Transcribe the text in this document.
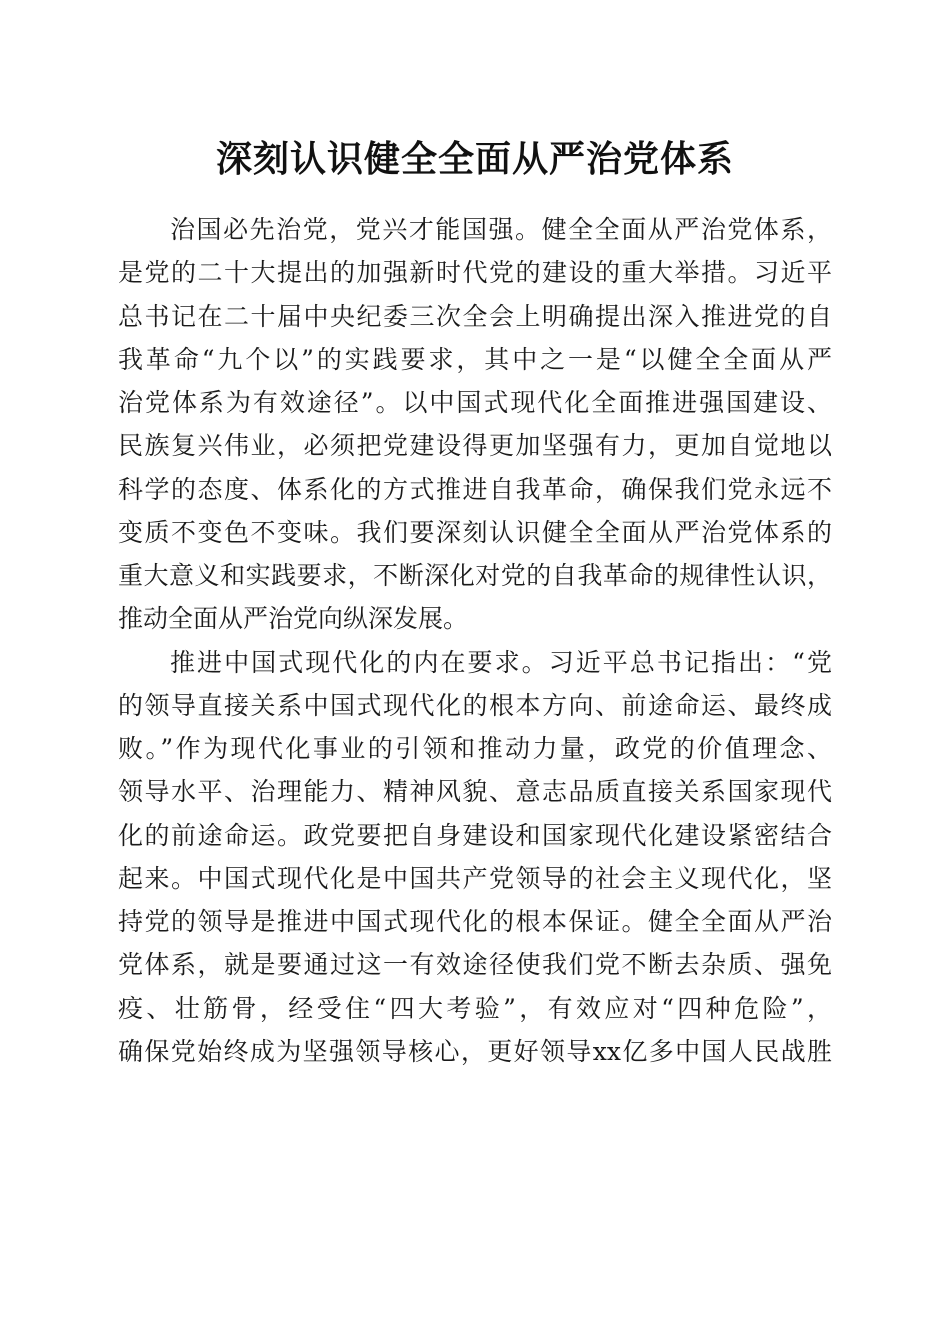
深刻认识健全全面从严治党体系
治国必先治党，党兴才能国强。健全全面从严治党体系，
是党的二十大提出的加强新时代党的建设的重大举措。习近平
总书记在二十届中央纪委三次全会上明确提出深入推进党的自
我革命“九个以”的实践要求，其中之一是“以健全全面从严
治党体系为有效途径”。以中国式现代化全面推进强国建设、
民族复兴伟业，必须把党建设得更加坚强有力，更加自觉地以
科学的态度、体系化的方式推进自我革命，确保我们党永远不
变质不变色不变味。我们要深刻认识健全全面从严治党体系的
重大意义和实践要求，不断深化对党的自我革命的规律性认识，
推动全面从严治党向纵深发展。
推进中国式现代化的内在要求。习近平总书记指出：“党
的领导直接关系中国式现代化的根本方向、前途命运、最终成
败。”作为现代化事业的引领和推动力量，政党的价值理念、
领导水平、治理能力、精神风貌、意志品质直接关系国家现代
化的前途命运。政党要把自身建设和国家现代化建设紧密结合
起来。中国式现代化是中国共产党领导的社会主义现代化，坚
持党的领导是推进中国式现代化的根本保证。健全全面从严治
党体系，就是要通过这一有效途径使我们党不断去杂质、强免
疫、壮筋骨，经受住“四大考验”，有效应对“四种危险”，
确保党始终成为坚强领导核心，更好领导xx亿多中国人民战胜
